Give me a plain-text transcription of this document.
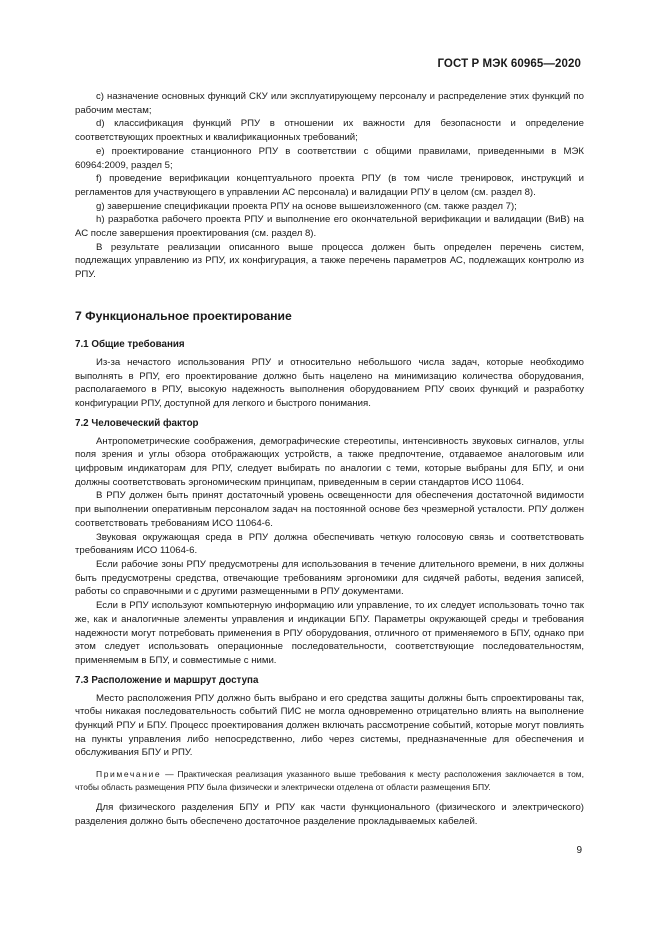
ГОСТ Р МЭК 60965—2020

c) назначение основных функций СКУ или эксплуатирующему персоналу и распределение этих функций по рабочим местам;

d) классификация функций РПУ в отношении их важности для безопасности и определение соответствующих проектных и квалификационных требований;

e) проектирование станционного РПУ в соответствии с общими правилами, приведенными в МЭК 60964:2009, раздел 5;

f) проведение верификации концептуального проекта РПУ (в том числе тренировок, инструкций и регламентов для участвующего в управлении АС персонала) и валидации РПУ в целом (см. раздел 8).

g) завершение спецификации проекта РПУ на основе вышеизложенного (см. также раздел 7);

h) разработка рабочего проекта РПУ и выполнение его окончательной верификации и валидации (ВиВ) на АС после завершения проектирования (см. раздел 8).

В результате реализации описанного выше процесса должен быть определен перечень систем, подлежащих управлению из РПУ, их конфигурация, а также перечень параметров АС, подлежащих контролю из РПУ.

7 Функциональное проектирование
7.1 Общие требования

Из-за нечастого использования РПУ и относительно небольшого числа задач, которые необходимо выполнять в РПУ, его проектирование должно быть нацелено на минимизацию количества оборудования, располагаемого в РПУ, высокую надежность выполнения оборудованием РПУ своих функций и разработку конфигурации РПУ, доступной для легкого и быстрого понимания.

7.2 Человеческий фактор

Антропометрические соображения, демографические стереотипы, интенсивность звуковых сигналов, углы поля зрения и углы обзора отображающих устройств, а также предпочтение, отдаваемое аналоговым или цифровым индикаторам для РПУ, следует выбирать по аналогии с теми, которые выбраны для БПУ, и они должны соответствовать эргономическим принципам, приведенным в серии стандартов ИСО 11064.

В РПУ должен быть принят достаточный уровень освещенности для обеспечения достаточной видимости при выполнении оперативным персоналом задач на постоянной основе без чрезмерной усталости. РПУ должен соответствовать требованиям ИСО 11064-6.

Звуковая окружающая среда в РПУ должна обеспечивать четкую голосовую связь и соответствовать требованиям ИСО 11064-6.

Если рабочие зоны РПУ предусмотрены для использования в течение длительного времени, в них должны быть предусмотрены средства, отвечающие требованиям эргономики для сидячей работы, ведения записей, работы со справочными и с другими размещенными в РПУ документами.

Если в РПУ используют компьютерную информацию или управление, то их следует использовать точно так же, как и аналогичные элементы управления и индикации БПУ. Параметры окружающей среды и требования надежности могут потребовать применения в РПУ оборудования, отличного от применяемого в БПУ, однако при этом следует использовать операционные последовательности, соответствующие последовательностям, применяемым в БПУ, и совместимые с ними.

7.3 Расположение и маршрут доступа

Место расположения РПУ должно быть выбрано и его средства защиты должны быть спроектированы так, чтобы никакая последовательность событий ПИС не могла одновременно отрицательно влиять на выполнение функций РПУ и БПУ. Процесс проектирования должен включать рассмотрение событий, которые могут повлиять на пункты управления либо непосредственно, либо через системы, предназначенные для обеспечения и обслуживания БПУ и РПУ.

Примечание — Практическая реализация указанного выше требования к месту расположения заключается в том, чтобы область размещения РПУ была физически и электрически отделена от области размещения БПУ.

Для физического разделения БПУ и РПУ как части функционального (физического и электрического) разделения должно быть обеспечено достаточное разделение прокладываемых кабелей.

9
